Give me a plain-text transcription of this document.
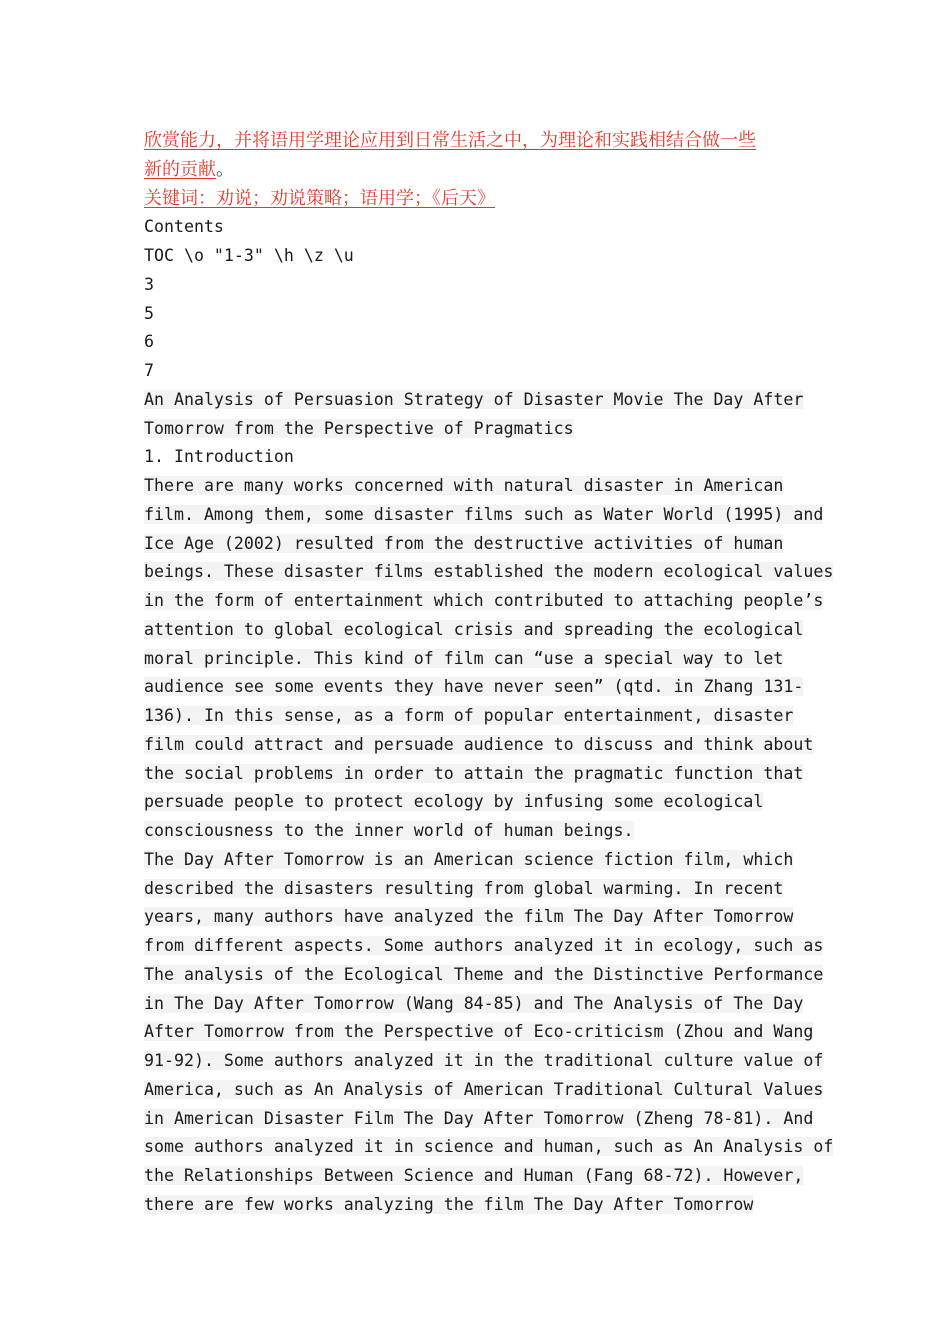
欣赏能力，并将语用学理论应用到日常生活之中，为理论和实践相结合做一些
新的贡献。
关键词：劝说；劝说策略；语用学；《后天》
Contents
TOC \o "1-3" \h \z \u
3
5
6
7
An Analysis of Persuasion Strategy of Disaster Movie The Day After
Tomorrow from the Perspective of Pragmatics
1. Introduction
There are many works concerned with natural disaster in American
film. Among them, some disaster films such as Water World (1995) and
Ice Age (2002) resulted from the destructive activities of human
beings. These disaster films established the modern ecological values
in the form of entertainment which contributed to attaching people’s
attention to global ecological crisis and spreading the ecological
moral principle. This kind of film can “use a special way to let
audience see some events they have never seen” (qtd. in Zhang 131-
136). In this sense, as a form of popular entertainment, disaster
film could attract and persuade audience to discuss and think about
the social problems in order to attain the pragmatic function that
persuade people to protect ecology by infusing some ecological
consciousness to the inner world of human beings.
The Day After Tomorrow is an American science fiction film, which
described the disasters resulting from global warming. In recent
years, many authors have analyzed the film The Day After Tomorrow
from different aspects. Some authors analyzed it in ecology, such as
The analysis of the Ecological Theme and the Distinctive Performance
in The Day After Tomorrow (Wang 84-85) and The Analysis of The Day
After Tomorrow from the Perspective of Eco-criticism (Zhou and Wang
91-92). Some authors analyzed it in the traditional culture value of
America, such as An Analysis of American Traditional Cultural Values
in American Disaster Film The Day After Tomorrow (Zheng 78-81). And
some authors analyzed it in science and human, such as An Analysis of
the Relationships Between Science and Human (Fang 68-72). However,
there are few works analyzing the film The Day After Tomorrow
